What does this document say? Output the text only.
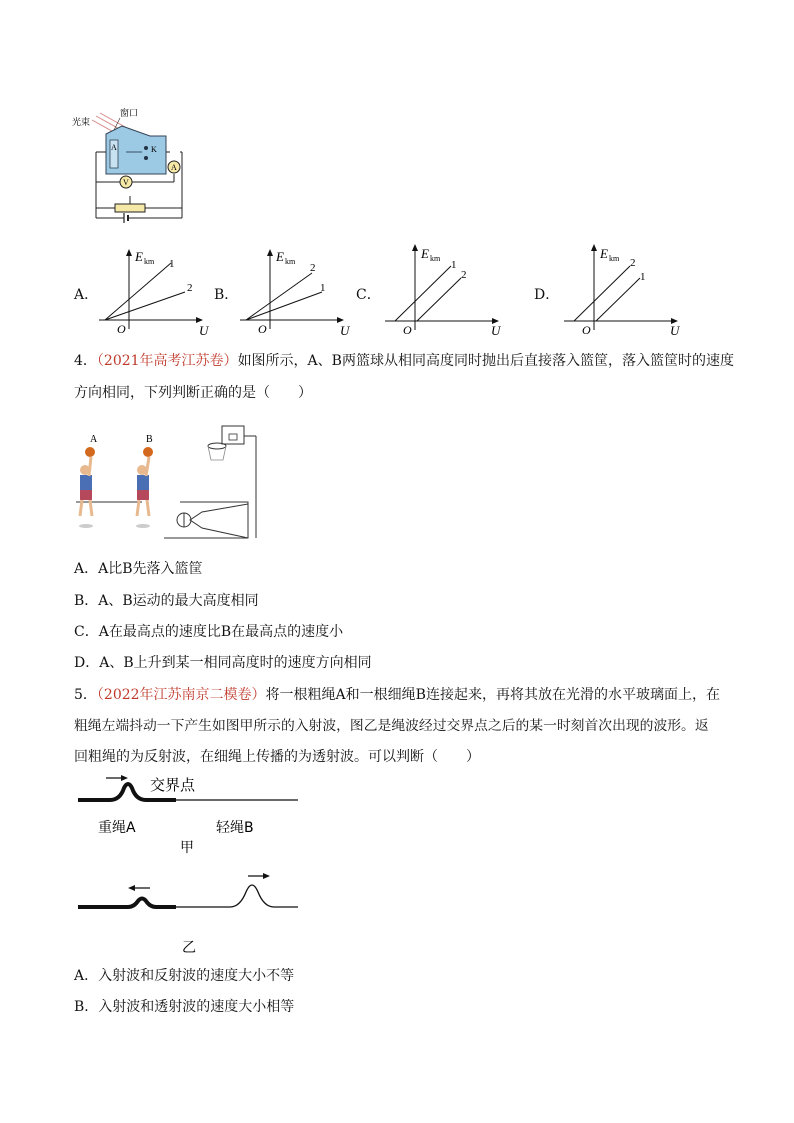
光束
窗口
A	K
A
V
A．
E km
U
O
1
2 B．
E km
U
O
2
1 C．
E km
U
O
1
2
D．
E km
U
O
2
1
4．（2021年高考江苏卷）如图所示，A、B两篮球从相同高度同时抛出后直接落入篮筐，落入篮筐时的速度
方向相同，下列判断正确的是（　　）
A	B
A．A比B先落入篮筐
B．A、B运动的最大高度相同
C．A在最高点的速度比B在最高点的速度小
D．A、B上升到某一相同高度时的速度方向相同
5．（2022年江苏南京二模卷）将一根粗绳A和一根细绳B连接起来，再将其放在光滑的水平玻璃面上，在
粗绳左端抖动一下产生如图甲所示的入射波，图乙是绳波经过交界点之后的某一时刻首次出现的波形。返
回粗绳的为反射波，在细绳上传播的为透射波。可以判断（　　）
交界点
重绳A	轻绳B
甲
乙
A．入射波和反射波的速度大小不等
B．入射波和透射波的速度大小相等
